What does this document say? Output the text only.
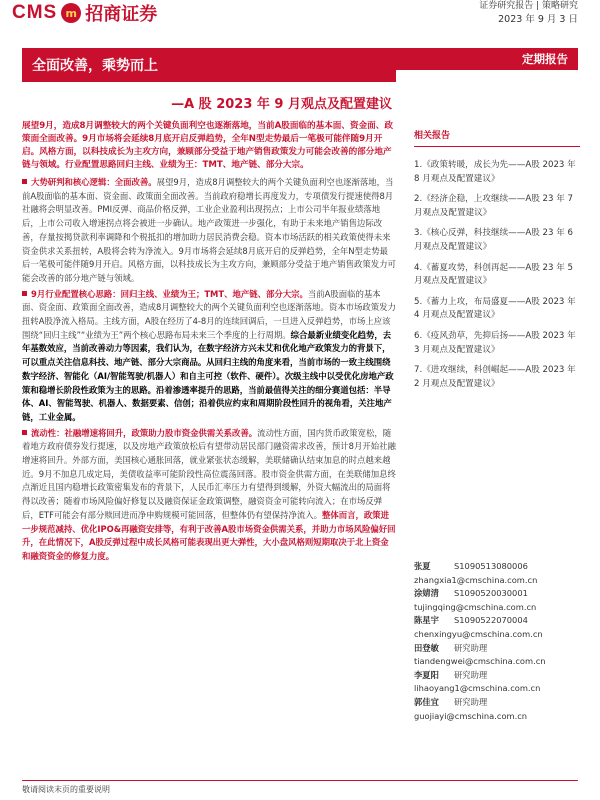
CMS m 招商证券	证券研究报告 | 策略研究
2023 年 9 月 3 日
全面改善，乘势而上
—A 股 2023 年 9 月观点及配置建议
定期报告

展望9月，造成8月调整较大的两个关键负面利空也逐渐落地，当前A股面临的基本面、资金面、政策面全面改善。9月市场将会延续8月底开启反弹趋势，全年N型走势最后一笔极可能伴随9月开启。风格方面，以科技成长为主攻方向，兼顾部分受益于地产销售政策发力可能会改善的部分地产链与领域。行业配置思路回归主线、业绩为王：TMT、地产链、部分大宗。

大势研判和核心逻辑：全面改善。展望9月，造成8月调整较大的两个关键负面利空也逐渐落地，当前A股面临的基本面、资金面、政策面全面改善。当前政府稳增长再度发力，专项债发行提速使得8月社融将会明显改善。PMI反弹、商品价格反弹，工业企业盈利出现拐点；上市公司半年报业绩落地后，上市公司收入增速拐点将会被进一步确认。地产政策进一步强化，有助于未来地产销售边际改善，存量按揭贷款利率调降和个税抵扣的增加助力居民消费会稳。资本市场活跃的相关政策使得未来资金供求关系扭转，A股将会转为净流入。9月市场将会延续8月底开启的反弹趋势，全年N型走势最后一笔极可能伴随9月开启。风格方面，以科技成长为主攻方向，兼顾部分受益于地产销售政策发力可能会改善的部分地产链与领域。

9月行业配置核心思路：回归主线、业绩为王；TMT、地产链、部分大宗。当前A股面临的基本面、资金面、政策面全面改善，造成8月调整较大的两个关键负面利空也逐渐落地。资本市场政策发力扭转A股净流入格局。主线方面，A股在经历了4-8月的连续回调后，一旦进入反弹趋势，市场上应该围绕“回归主线”“业绩为王”两个核心思路布局未来三个季度的上行周期。综合最新业绩变化趋势，去年基数效应，当前改善动力等因素，我们认为，在数字经济方兴未艾和优化地产政策发力的背景下，可以重点关注信息科技、地产链、部分大宗商品。从回归主线的角度来看，当前市场的一致主线围绕数字经济、智能化（AI/智能驾驶/机器人）和自主可控（软件、硬件）。次级主线中以受优化房地产政策和稳增长阶段性政策为主的思路。沿着渗透率提升的思路，当前最值得关注的细分赛道包括：半导体、AI、智能驾驶、机器人、数据要素、信创；沿着供应约束和周期阶段性回升的视角看，关注地产链，工业金属。

流动性：社融增速将回升，政策助力股市资金供需关系改善。流动性方面，国内货币政策宽松，随着地方政府债券发行提速，以及房地产政策放松后有望带动居民部门融资需求改善，预计8月开始社融增速将回升。外部方面，美国核心通胀回落，就业紧张状态缓解，美联储确认结束加息的时点越来越近。9月不加息几成定局，美债收益率可能阶段性高位震荡回落。股市资金供需方面，在美联储加息终点渐近且国内稳增长政策密集发布的背景下，人民币汇率压力有望得到缓解，外资大幅流出的局面将得以改善；随着市场风险偏好修复以及融资保证金政策调整，融资资金可能转向流入；在市场反弹后，ETF可能会有部分赎回进而净申购规模可能回落，但整体仍有望保持净流入。整体而言，政策进一步规范减持、优化IPO&再融资安排等，有利于改善A股市场资金供需关系，并助力市场风险偏好回升，在此情况下，A股反弹过程中成长风格可能表现出更大弹性，大小盘风格则短期取决于北上资金和融资资金的修复力度。

相关报告
1.《政策转暖，成长为先——A股 2023 年 8 月观点及配置建议》
2.《经济企稳，上攻继续——A股 23 年 7 月观点及配置建议》
3.《核心反弹，科技继续——A股 23 年 6 月观点及配置建议》
4.《蓄夏攻势，科创再起——A股 23 年 5 月观点及配置建议》
5.《蓄力上攻，布局盛夏——A股 2023 年 4 月观点及配置建议》
6.《疫风劲草，先抑后扬——A股 2023 年 3 月观点及配置建议》
7.《进攻继续，科创崛起——A股 2023 年 2 月观点及配置建议》
张夏	S1090513080006
zhangxia1@cmschina.com.cn
涂婧清	S1090520030001
tujingqing@cmschina.com.cn
陈星宇	S1090522070004
chenxingyu@cmschina.com.cn
田登敏	研究助理
tiandengwei@cmschina.com.cn
李夏阳	研究助理
lihaoyang1@cmschina.com.cn
郭佳宜	研究助理
guojiayi@cmschina.com.cn
敬请阅读末页的重要说明
